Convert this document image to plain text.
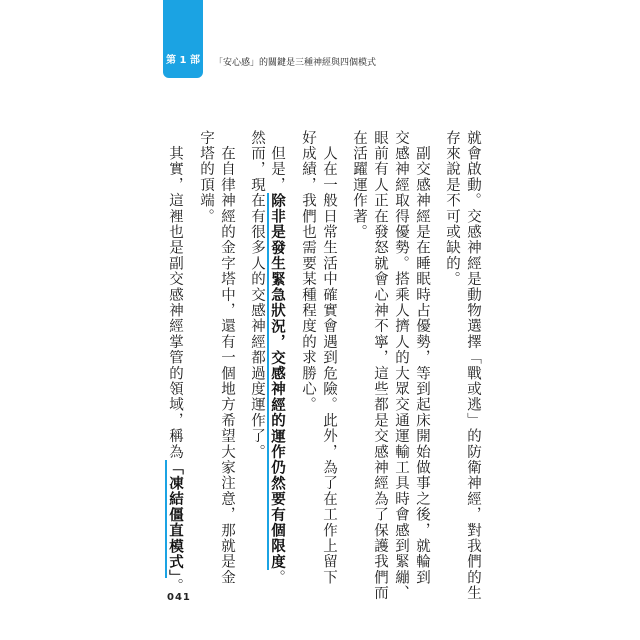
第 1 部 「安心感」的關鍵是三種神經與四個模式
就會啟動。交感神經是動物選擇「戰或逃」的防衛神經，對我們的生
存來說是不可或缺的。
　副交感神經是在睡眠時占優勢，等到起床開始做事之後，就輪到
交感神經取得優勢。搭乘人擠人的大眾交通運輸工具時會感到緊繃、
眼前有人正在發怒就會心神不寧，這些都是交感神經為了保護我們而
在活躍運作著。
　人在一般日常生活中確實會遇到危險。此外，為了在工作上留下
好成績，我們也需要某種程度的求勝心。
　但是，除非是發生緊急狀況，交感神經的運作仍然要有個限度。
然而，現在有很多人的交感神經都過度運作了。
　在自律神經的金字塔中，還有一個地方希望大家注意，那就是金
字塔的頂端。
　其實，這裡也是副交感神經掌管的領域，稱為「凍結僵直模式」。
041
